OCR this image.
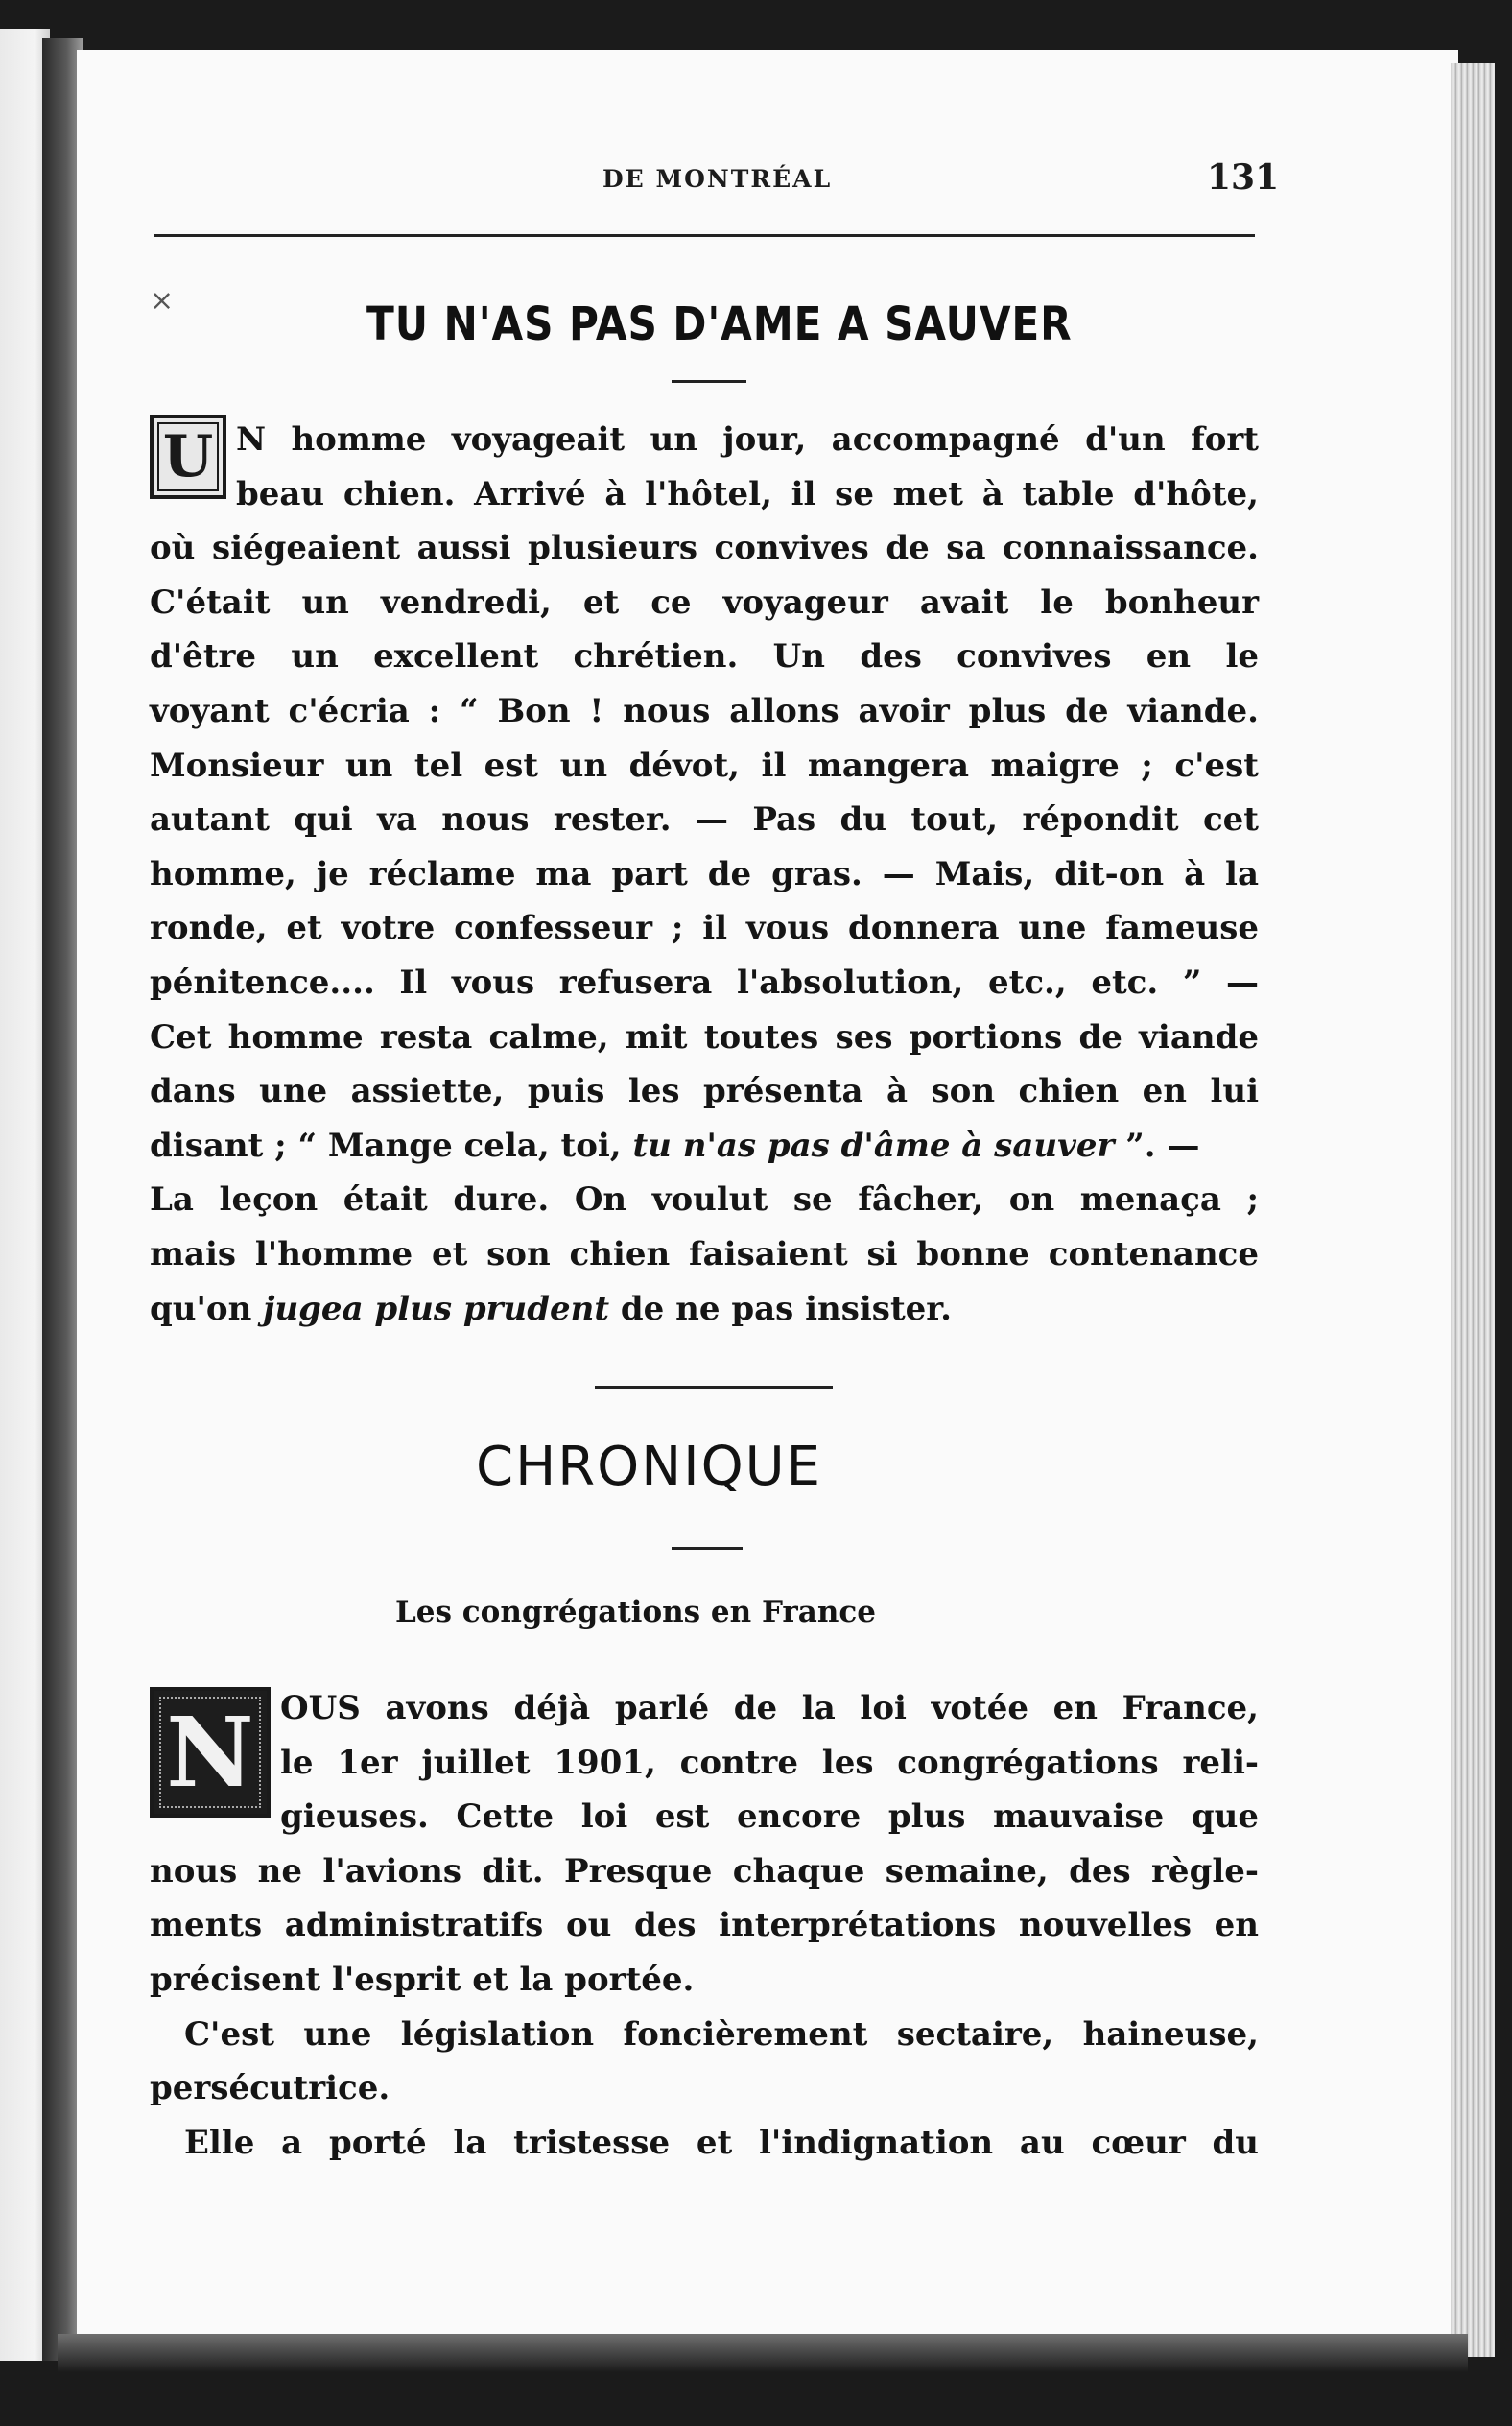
DE MONTRÉAL	131
×	TU N'AS PAS D'AME A SAUVER
U N homme voyageait un jour, accompagné d'un fort

beau chien. Arrivé à l'hôtel, il se met à table d'hôte,

où siégeaient aussi plusieurs convives de sa connaissance.

C'était un vendredi, et ce voyageur avait le bonheur

d'être un excellent chrétien. Un des convives en le

voyant c'écria : “ Bon ! nous allons avoir plus de viande.

Monsieur un tel est un dévot, il mangera maigre ; c'est

autant qui va nous rester. — Pas du tout, répondit cet

homme, je réclame ma part de gras. — Mais, dit-on à la

ronde, et votre confesseur ; il vous donnera une fameuse

pénitence.... Il vous refusera l'absolution, etc., etc. ” —

Cet homme resta calme, mit toutes ses portions de viande

dans une assiette, puis les présenta à son chien en lui

disant ; “ Mange cela, toi, tu n'as pas d'âme à sauver ”. —

La leçon était dure. On voulut se fâcher, on menaça ;

mais l'homme et son chien faisaient si bonne contenance

qu'on jugea plus prudent de ne pas insister.

CHRONIQUE
Les congrégations en France
N OUS avons déjà parlé de la loi votée en France,

le 1er juillet 1901, contre les congrégations reli-

gieuses. Cette loi est encore plus mauvaise que

nous ne l'avions dit. Presque chaque semaine, des règle-

ments administratifs ou des interprétations nouvelles en

précisent l'esprit et la portée.

C'est une législation foncièrement sectaire, haineuse,

persécutrice.

Elle a porté la tristesse et l'indignation au cœur du
